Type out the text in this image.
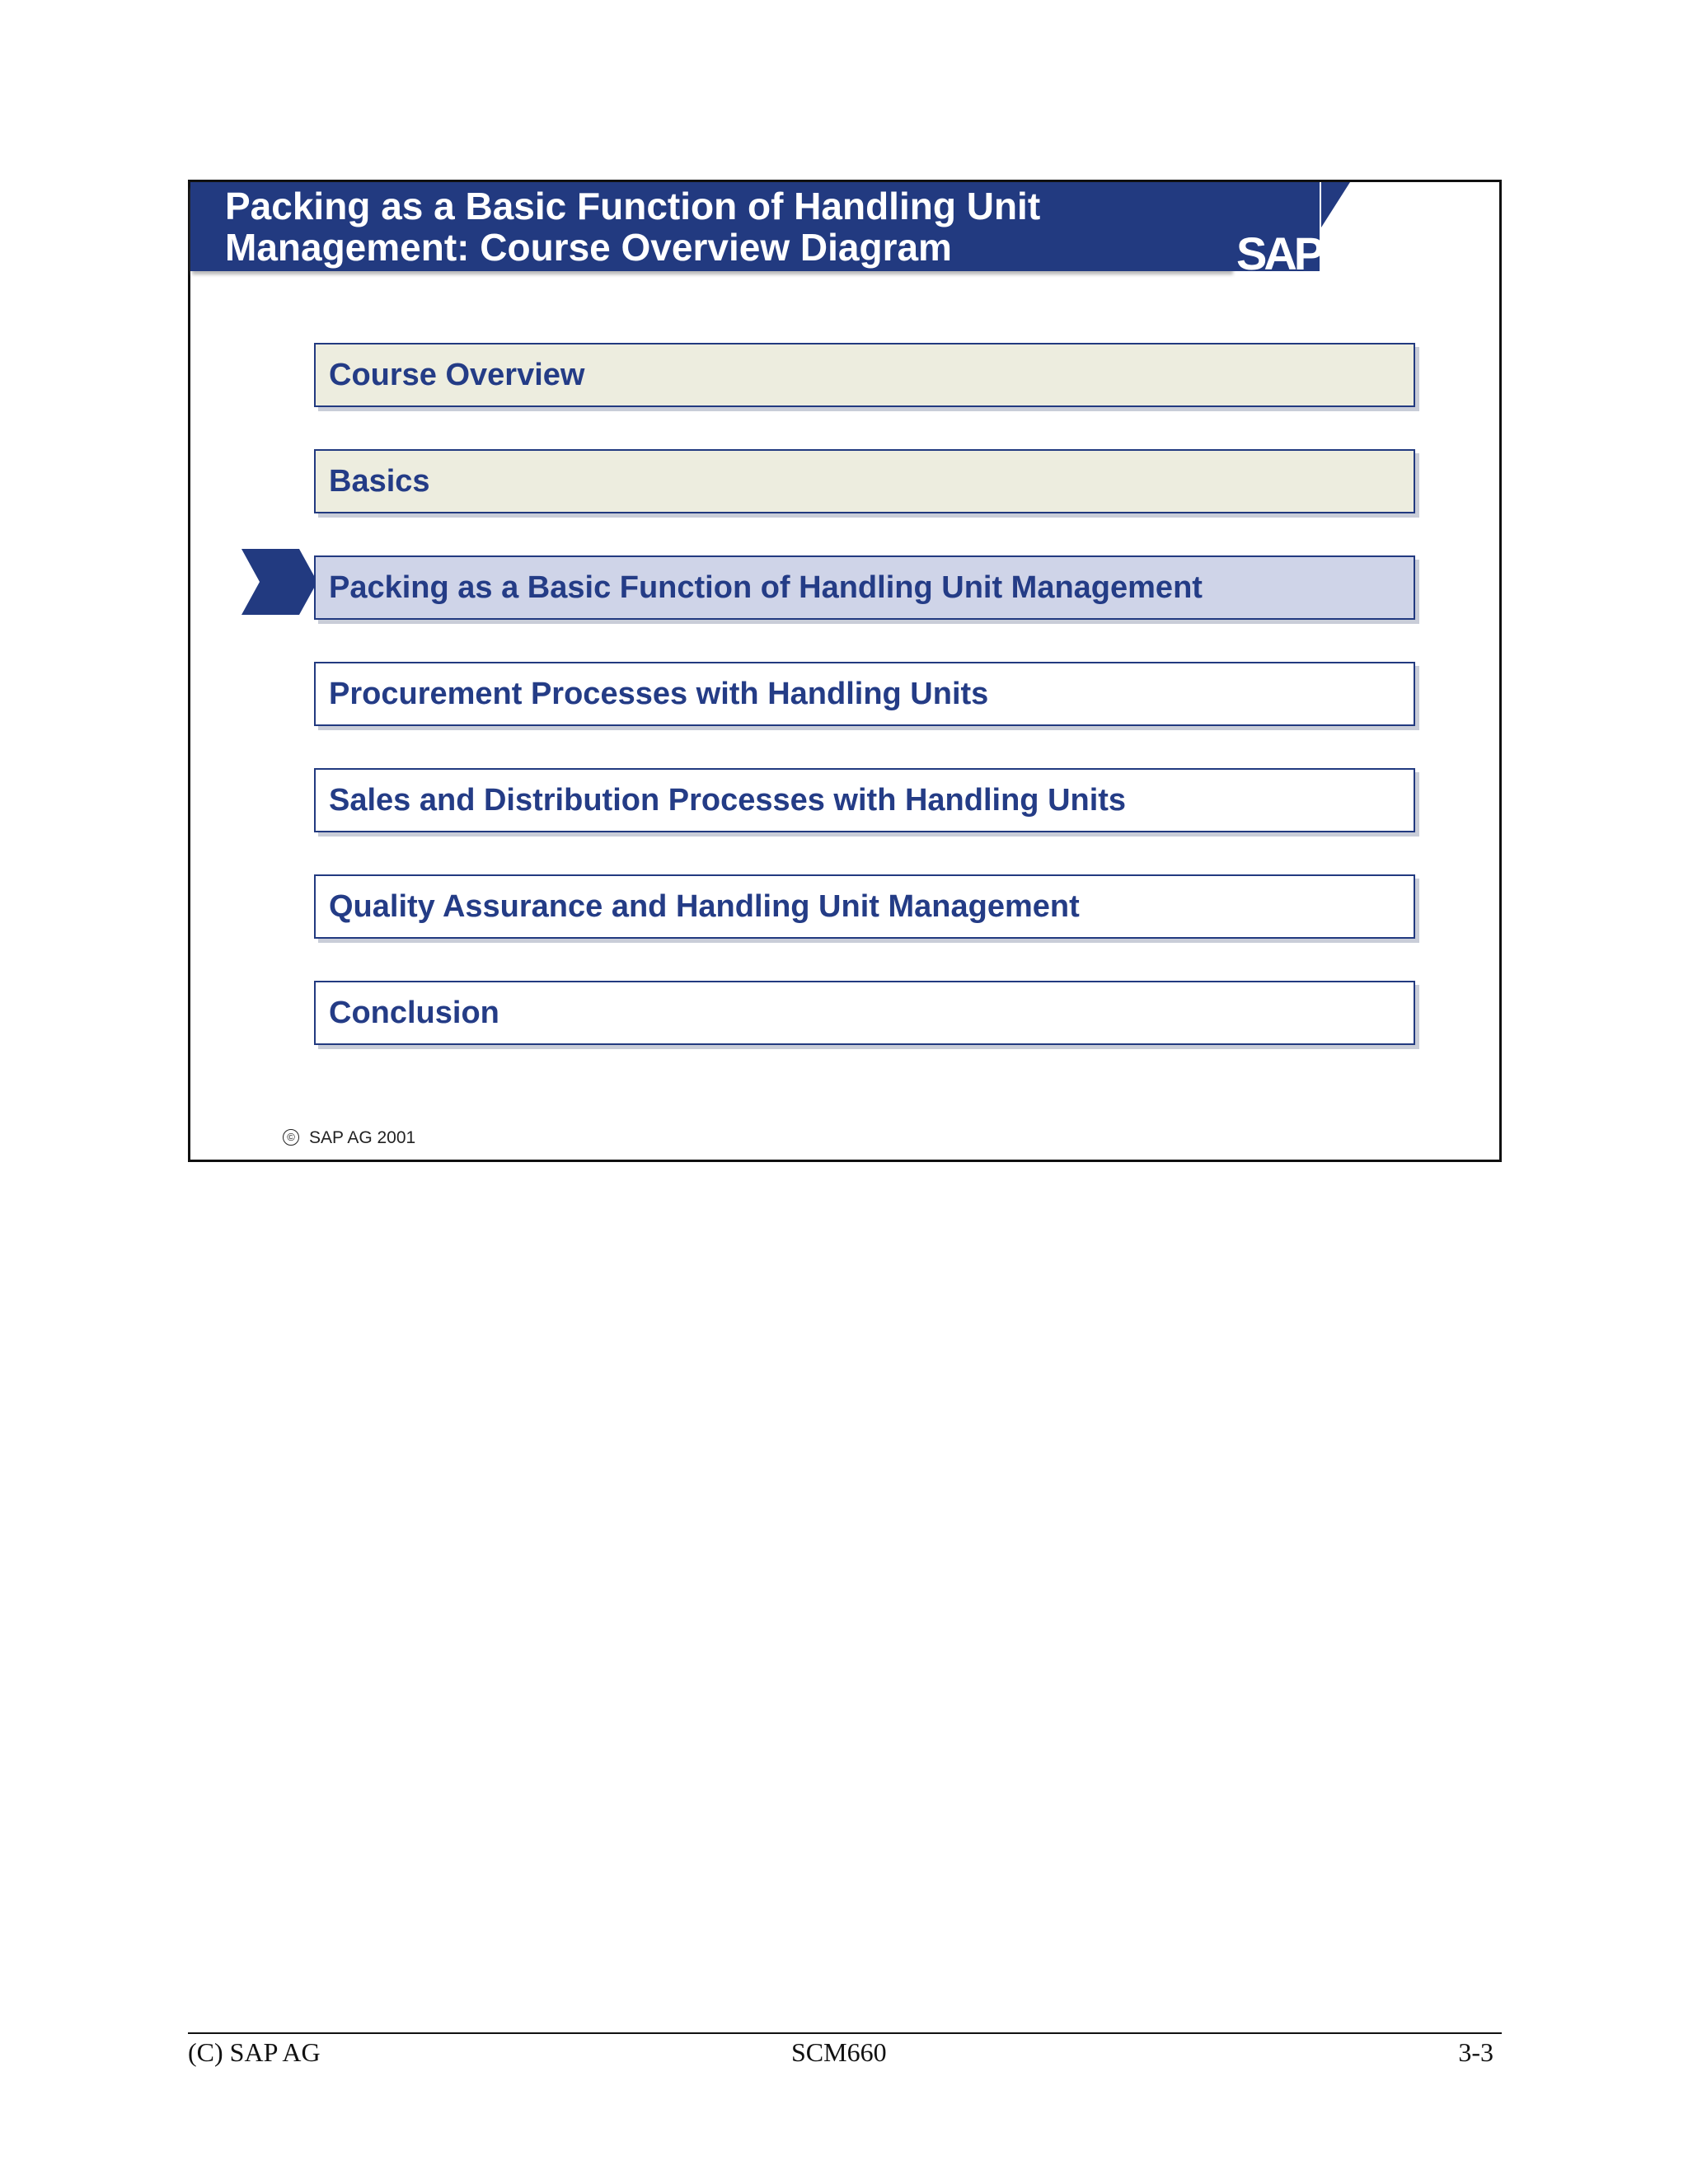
Packing as a Basic Function of Handling Unit
Management: Course Overview Diagram	SAP
Course Overview
Basics
Packing as a Basic Function of Handling Unit Management
Procurement Processes with Handling Units
Sales and Distribution Processes with Handling Units
Quality Assurance and Handling Unit Management
Conclusion
© SAP AG 2001
(C) SAP AG	SCM660	3-3
